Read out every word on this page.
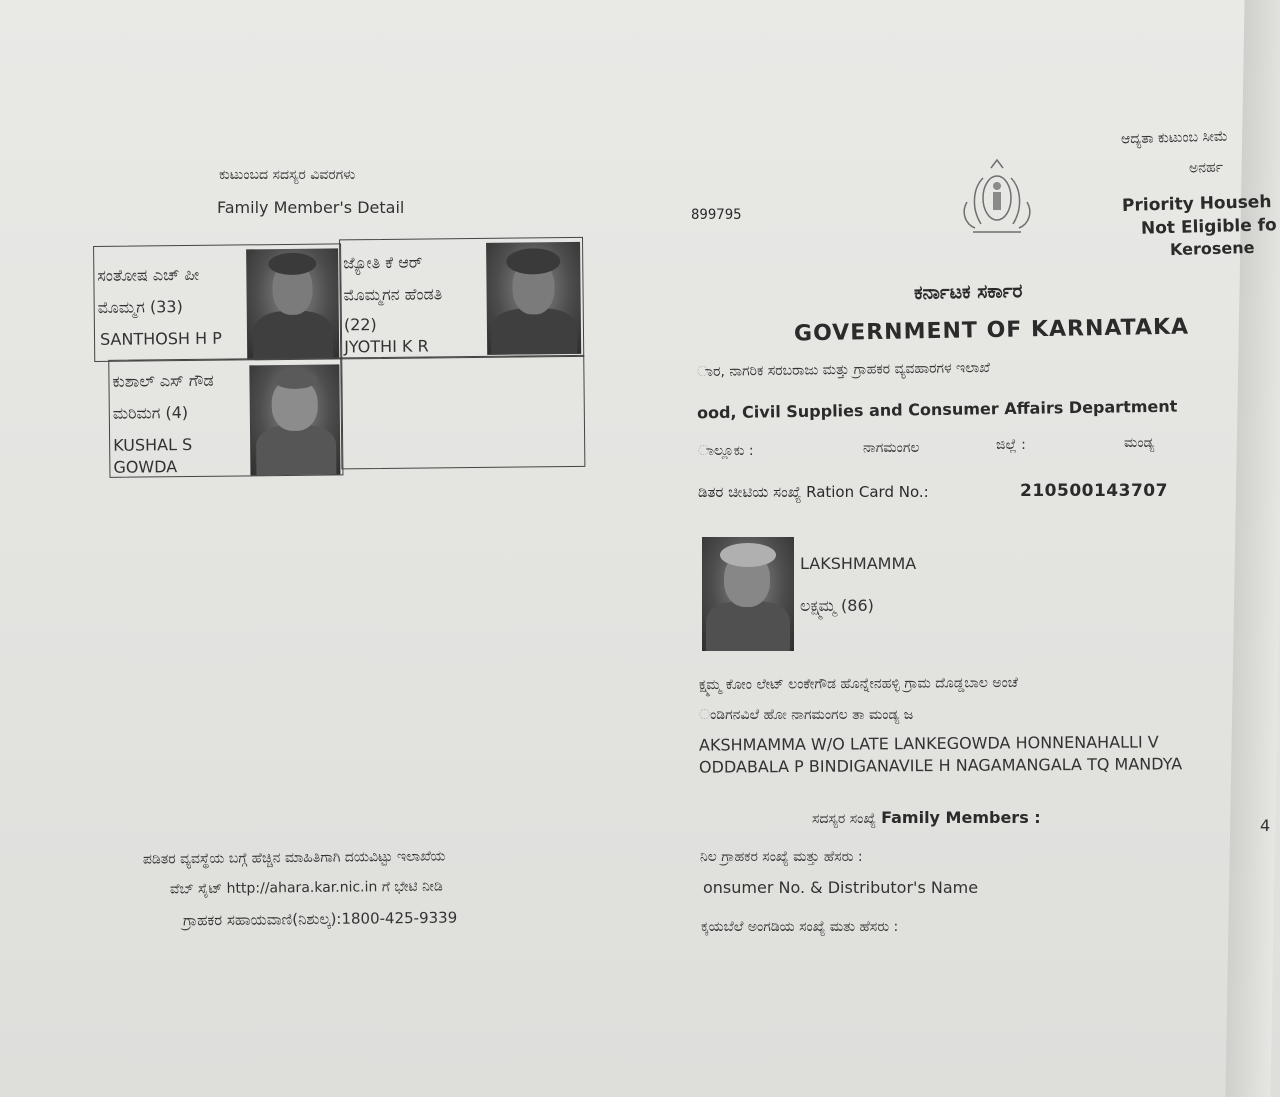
ಕುಟುಂಬದ ಸದಸ್ಯರ ವಿವರಗಳು
Family Member's Detail
ಸಂತೋಷ ಎಚ್ ಪೀ
ಮೊಮ್ಮಗ (33)
SANTHOSH H P
ಜ್ಯೋತಿ ಕೆ ಆರ್
ಮೊಮ್ಮಗನ ಹೆಂಡತಿ
(22)
JYOTHI K R
ಕುಶಾಲ್ ಎಸ್ ಗೌಡ
ಮರಿಮಗ (4)
KUSHAL S
GOWDA
ಪಡಿತರ ವ್ಯವಸ್ಥೆಯ ಬಗ್ಗೆ ಹೆಚ್ಚಿನ ಮಾಹಿತಿಗಾಗಿ ದಯವಿಟ್ಟು ಇಲಾಖೆಯ
ವೆಬ್ ಸೈಟ್ http://ahara.kar.nic.in ಗೆ ಭೇಟಿ ನೀಡಿ
ಗ್ರಾಹಕರ ಸಹಾಯವಾಣಿ(ನಿಶುಲ್ಕ):1800-425-9339
899795
ಆದ್ಯತಾ ಕುಟುಂಬ ಸೀಮೆ
ಅನರ್ಹ
Priority Househ
Not Eligible fo
Kerosene
ಕರ್ನಾಟಕ ಸರ್ಕಾರ
GOVERNMENT OF KARNATAKA
ಾರ, ನಾಗರಿಕ ಸರಬರಾಜು ಮತ್ತು ಗ್ರಾಹಕರ ವ್ಯವಹಾರಗಳ ಇಲಾಖೆ
ood, Civil Supplies and Consumer Affairs Department
ಾಲ್ಲೂಕು :	ನಾಗಮಂಗಲ	ಜಿಲ್ಲೆ :	ಮಂಡ್ಯ
ಡಿತರ ಚೀಟಿಯ ಸಂಖ್ಯೆ Ration Card No.:	210500143707
LAKSHMAMMA
ಲಕ್ಷ್ಮಮ್ಮ (86)
ಕ್ಷ್ಮಮ್ಮ ಕೋಂ ಲೇಟ್ ಲಂಕೇಗೌಡ ಹೊನ್ನೇನಹಳ್ಳಿ ಗ್ರಾಮ ದೊಡ್ಡಬಾಲ ಅಂಚೆ
ಂಡಿಗನವಿಲೆ ಹೋ ನಾಗಮಂಗಲ ತಾ ಮಂಡ್ಯ ಜ
AKSHMAMMA W/O LATE LANKEGOWDA HONNENAHALLI V
ODDABALA P BINDIGANAVILE H NAGAMANGALA TQ MANDYA
ಸದಸ್ಯರ ಸಂಖ್ಯೆ Family Members :	4
ನಿಲ ಗ್ರಾಹಕರ ಸಂಖ್ಯೆ ಮತ್ತು ಹೆಸರು :
onsumer No. & Distributor's Name
ಕ್ಕಯಬೆಲೆ ಅಂಗಡಿಯ ಸಂಖ್ಯೆ ಮತು ಹೆಸರು :
